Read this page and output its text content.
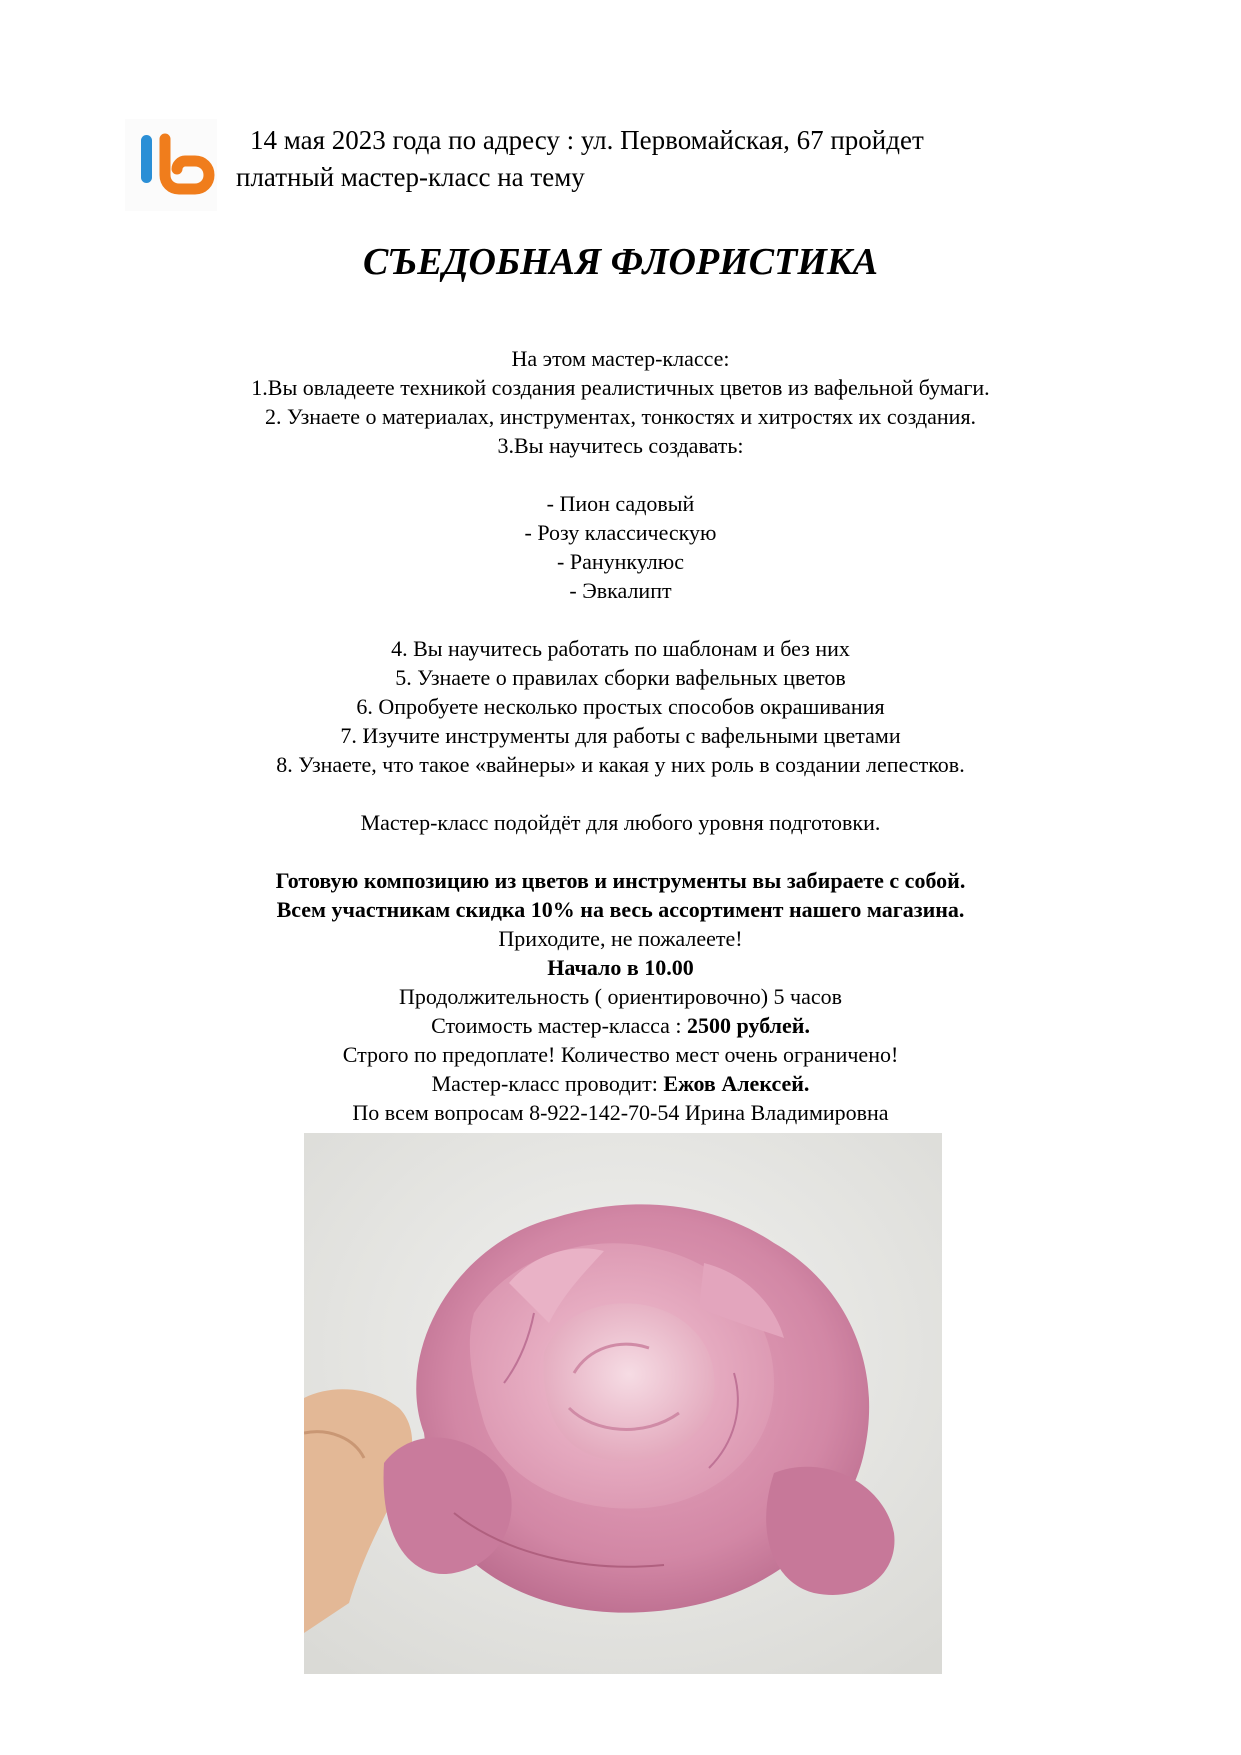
14 мая 2023 года по адресу : ул. Первомайская, 67 пройдет
платный мастер-класс на тему
СЪЕДОБНАЯ ФЛОРИСТИКА
На этом мастер-классе:
1.Вы овладеете техникой создания реалистичных цветов из вафельной бумаги.
2. Узнаете о материалах, инструментах, тонкостях и хитростях их создания.
3.Вы научитесь создавать:
- Пион садовый
- Розу классическую
- Ранункулюс
- Эвкалипт
4. Вы научитесь работать по шаблонам и без них
5. Узнаете о правилах сборки вафельных цветов
6. Опробуете несколько простых способов окрашивания
7. Изучите инструменты для работы с вафельными цветами
8. Узнаете, что такое «вайнеры» и какая у них роль в создании лепестков.
Мастер-класс подойдёт для любого уровня подготовки.
Готовую композицию из цветов и инструменты вы забираете с собой.
Всем участникам скидка 10% на весь ассортимент нашего магазина.
Приходите, не пожалеете!
Начало в 10.00
Продолжительность ( ориентировочно) 5 часов
Стоимость мастер-класса : 2500 рублей.
Строго по предоплате! Количество мест очень ограничено!
Мастер-класс проводит: Ежов Алексей.
По всем вопросам 8-922-142-70-54 Ирина Владимировна
